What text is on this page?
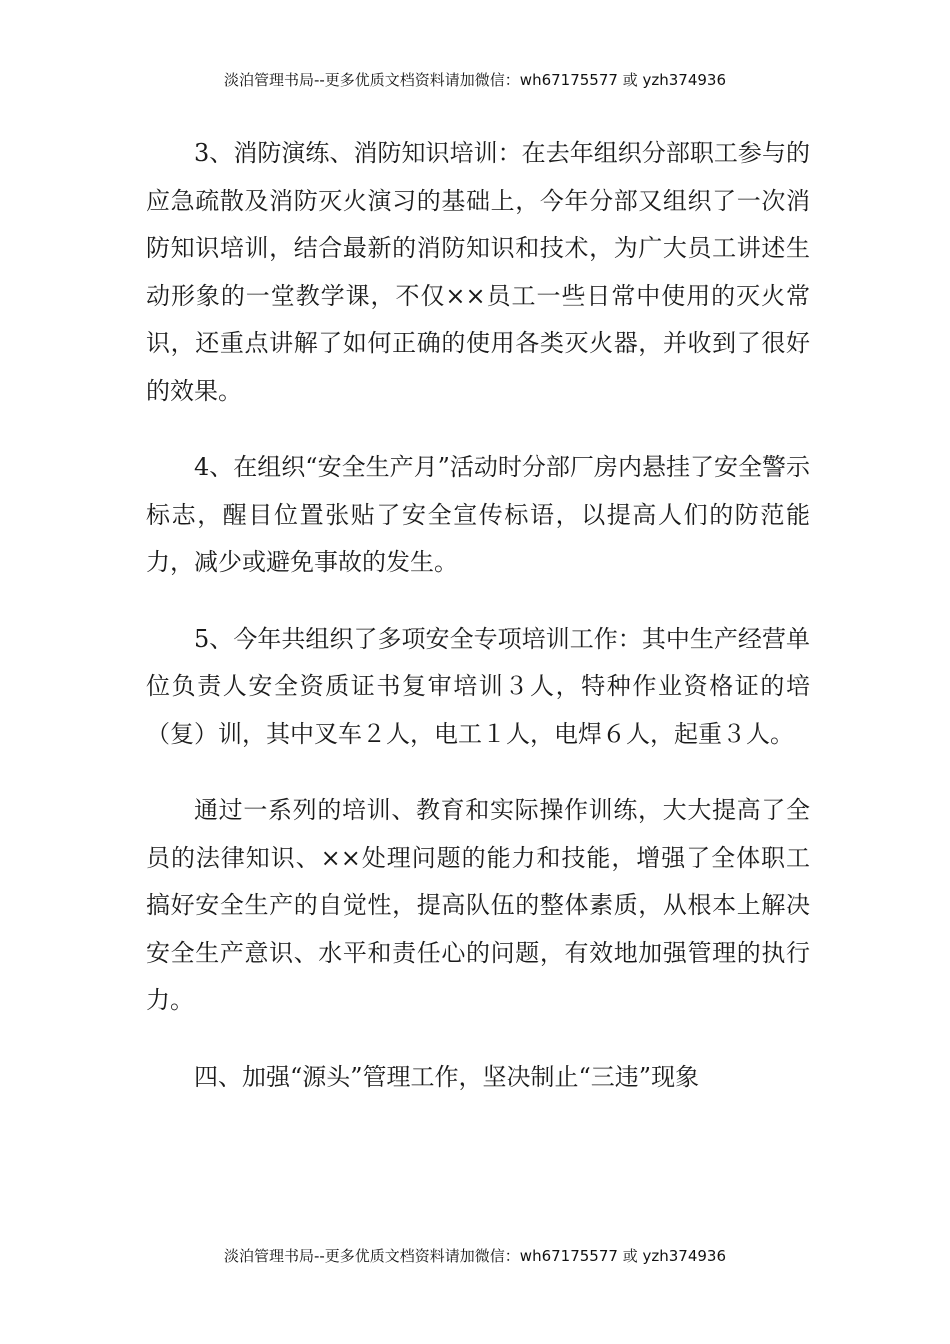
淡泊管理书局--更多优质文档资料请加微信：wh67175577 或 yzh374936

3、消防演练、消防知识培训：在去年组织分部职工参与的应急疏散及消防灭火演习的基础上，今年分部又组织了一次消防知识培训，结合最新的消防知识和技术，为广大员工讲述生动形象的一堂教学课，不仅××员工一些日常中使用的灭火常识，还重点讲解了如何正确的使用各类灭火器，并收到了很好的效果。

4、在组织“安全生产月”活动时分部厂房内悬挂了安全警示标志，醒目位置张贴了安全宣传标语，以提高人们的防范能力，减少或避免事故的发生。

5、今年共组织了多项安全专项培训工作：其中生产经营单位负责人安全资质证书复审培训３人，特种作业资格证的培（复）训，其中叉车２人，电工１人，电焊６人，起重３人。

通过一系列的培训、教育和实际操作训练，大大提高了全员的法律知识、××处理问题的能力和技能，增强了全体职工搞好安全生产的自觉性，提高队伍的整体素质，从根本上解决安全生产意识、水平和责任心的问题，有效地加强管理的执行力。

四、加强“源头”管理工作，坚决制止“三违”现象

淡泊管理书局--更多优质文档资料请加微信：wh67175577 或 yzh374936
